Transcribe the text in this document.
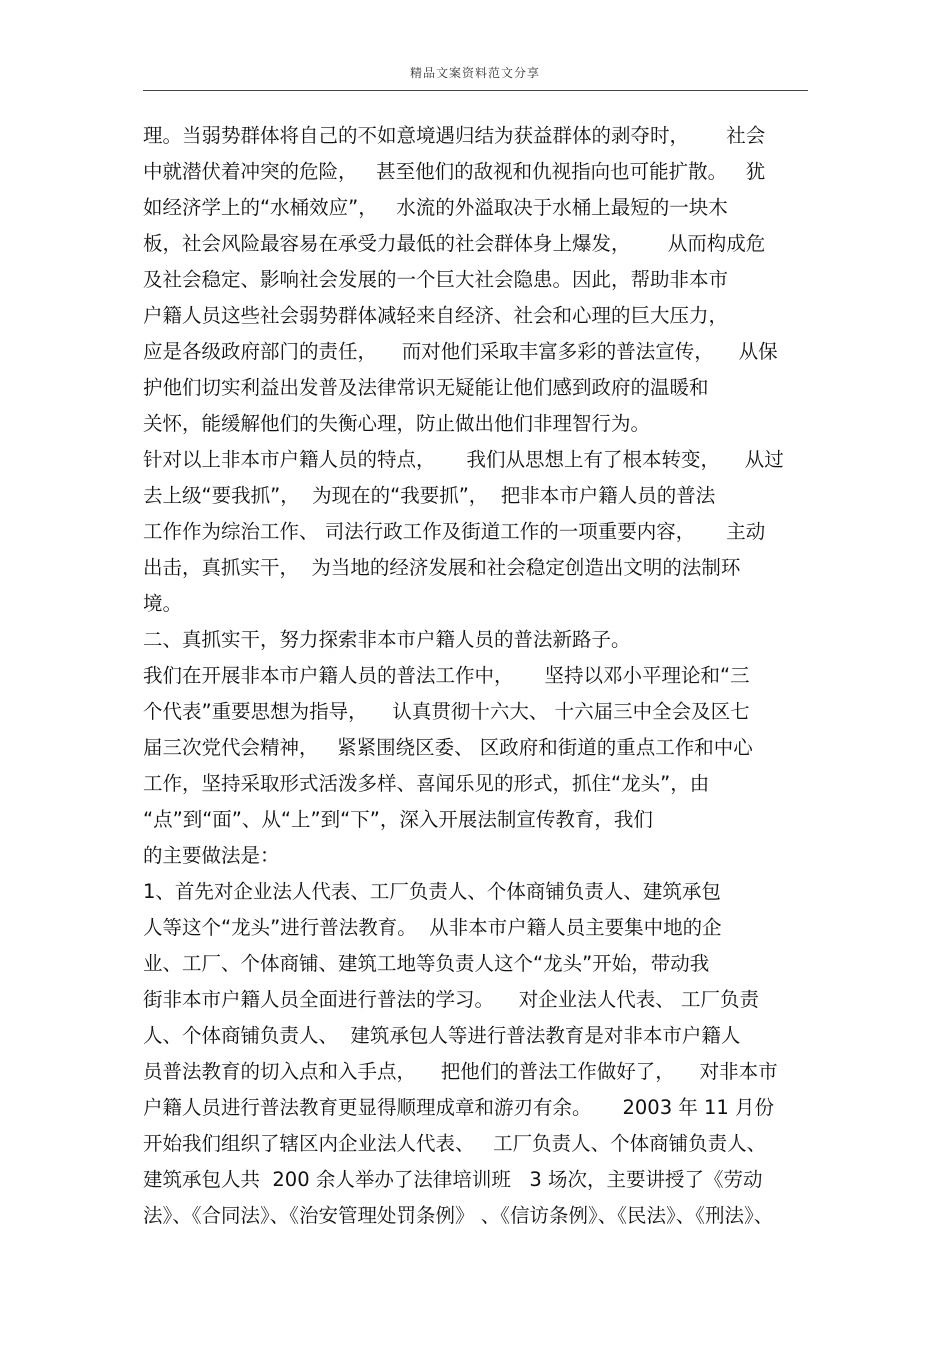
精品文案资料范文分享
理。当弱势群体将自己的不如意境遇归结为获益群体的剥夺时，      社会
中就潜伏着冲突的危险，   甚至他们的敌视和仇视指向也可能扩散。   犹
如经济学上的“水桶效应”，   水流的外溢取决于水桶上最短的一块木
板，社会风险最容易在承受力最低的社会群体身上爆发，      从而构成危
及社会稳定、影响社会发展的一个巨大社会隐患。因此，帮助非本市
户籍人员这些社会弱势群体减轻来自经济、社会和心理的巨大压力，
应是各级政府部门的责任，    而对他们采取丰富多彩的普法宣传，    从保
护他们切实利益出发普及法律常识无疑能让他们感到政府的温暖和
关怀，能缓解他们的失衡心理，防止做出他们非理智行为。
针对以上非本市户籍人员的特点，     我们从思想上有了根本转变，    从过
去上级“要我抓”，  为现在的“我要抓”，  把非本市户籍人员的普法
工作作为综治工作、 司法行政工作及街道工作的一项重要内容，     主动
出击，真抓实干，  为当地的经济发展和社会稳定创造出文明的法制环
境。
二、真抓实干，努力探索非本市户籍人员的普法新路子。
我们在开展非本市户籍人员的普法工作中，     坚持以邓小平理论和“三
个代表”重要思想为指导，    认真贯彻十六大、 十六届三中全会及区七
届三次党代会精神，   紧紧围绕区委、 区政府和街道的重点工作和中心
工作，坚持采取形式活泼多样、喜闻乐见的形式，抓住“龙头”，由
“点”到“面”、从“上”到“下”，深入开展法制宣传教育，我们
的主要做法是：
1、首先对企业法人代表、工厂负责人、个体商铺负责人、建筑承包
人等这个“龙头”进行普法教育。  从非本市户籍人员主要集中地的企
业、工厂、个体商铺、建筑工地等负责人这个“龙头”开始，带动我
街非本市户籍人员全面进行普法的学习。    对企业法人代表、 工厂负责
人、个体商铺负责人、  建筑承包人等进行普法教育是对非本市户籍人
员普法教育的切入点和入手点，    把他们的普法工作做好了，    对非本市
户籍人员进行普法教育更显得顺理成章和游刃有余。     2003 年 11 月份
开始我们组织了辖区内企业法人代表、   工厂负责人、个体商铺负责人、
建筑承包人共  200 余人举办了法律培训班   3 场次，主要讲授了《劳动
法》、《合同法》、《治安管理处罚条例》 、《信访条例》、《民法》、《刑法》、
